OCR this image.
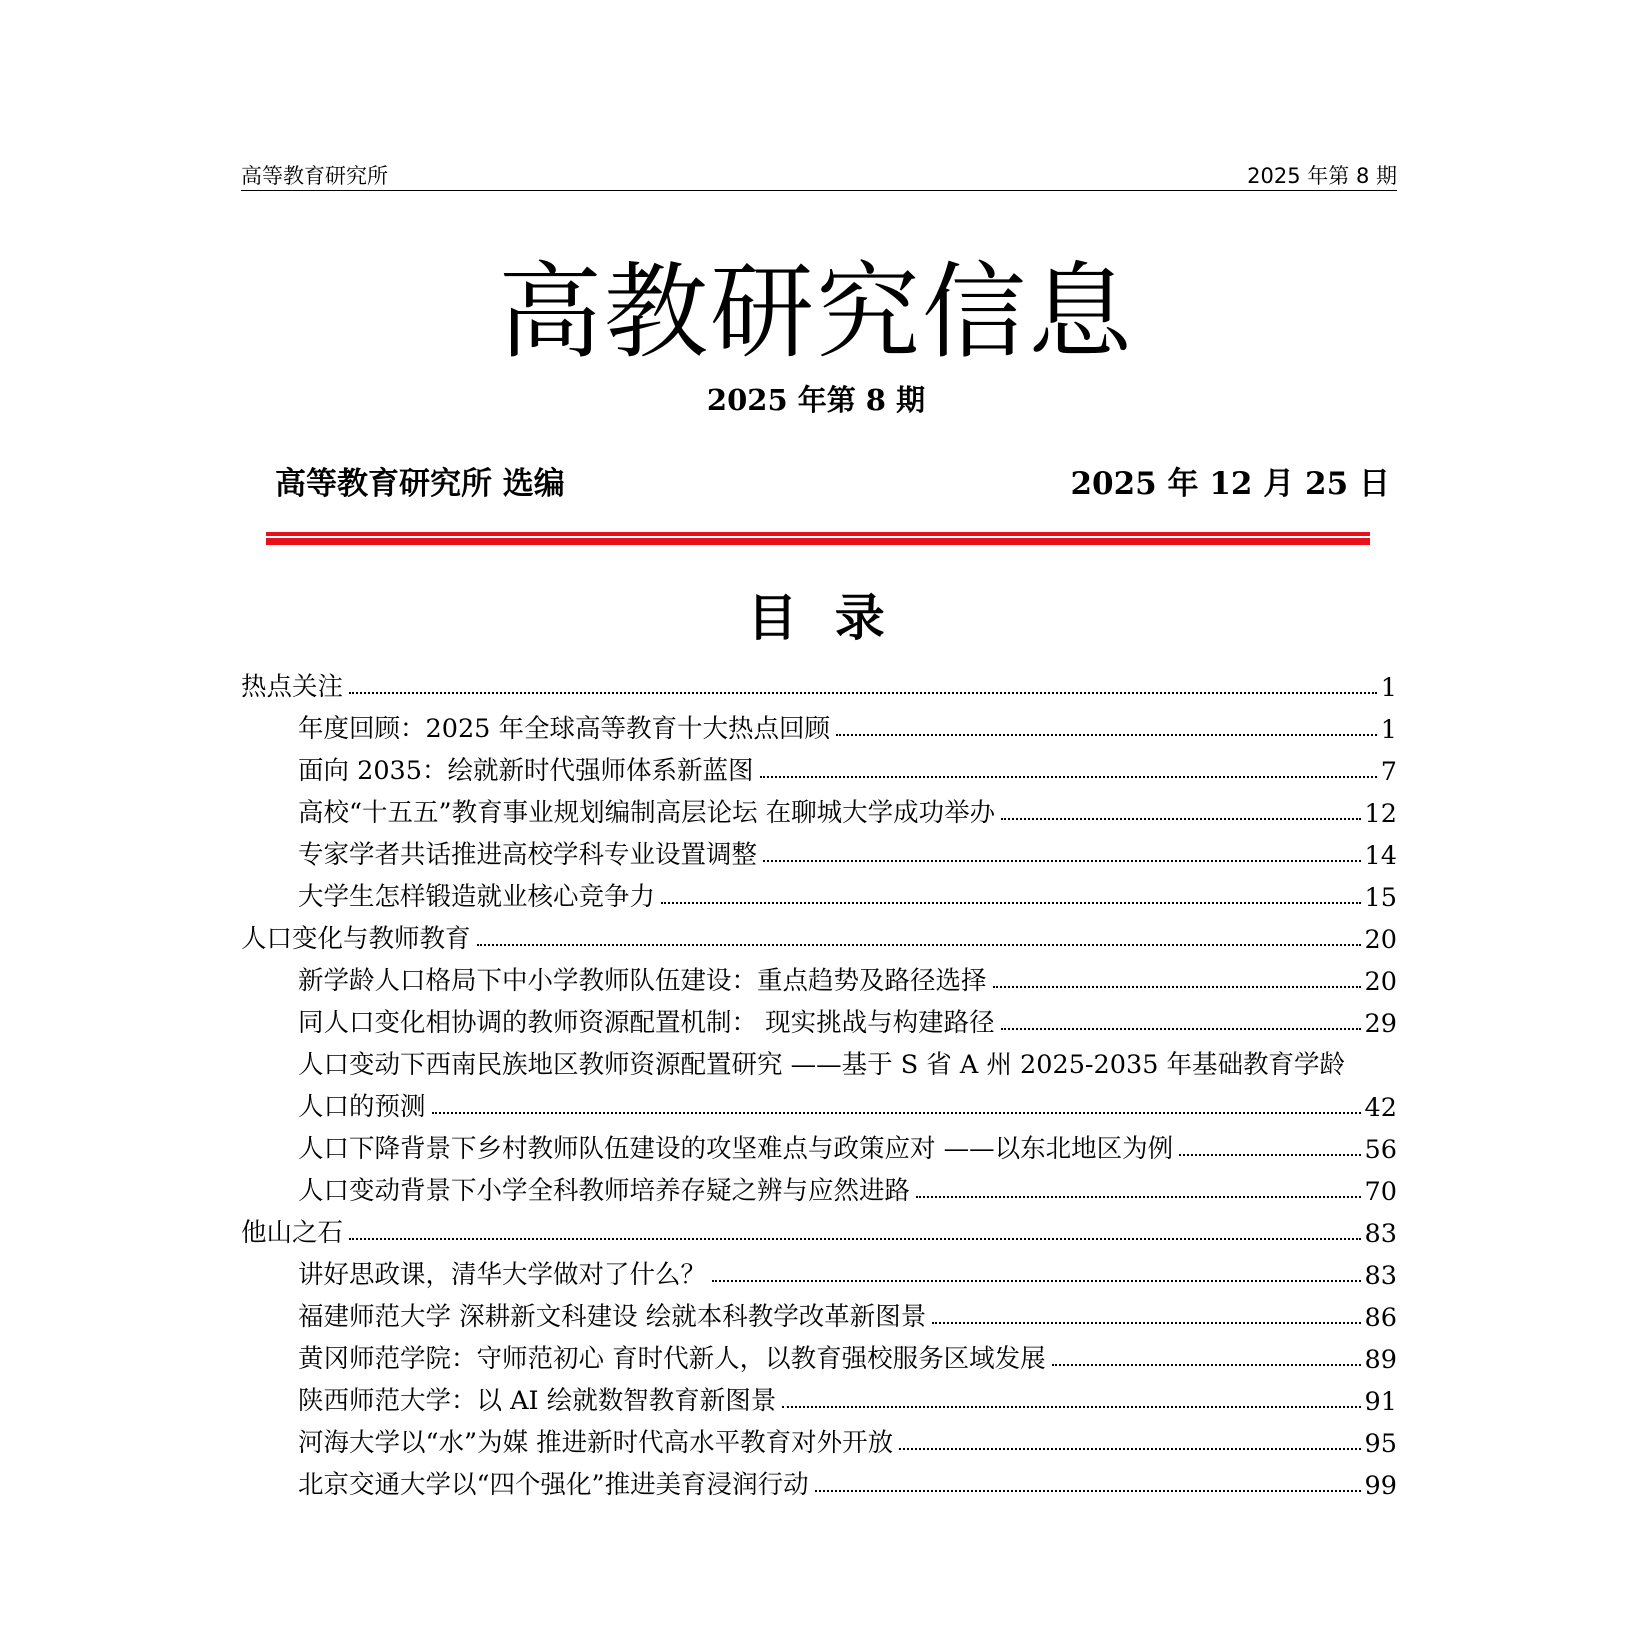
高等教育研究所	2025 年第 8 期
高教研究信息
2025 年第 8 期
高等教育研究所 选编	2025 年 12 月 25 日
目 录
热点关注	1
年度回顾：2025 年全球高等教育十大热点回顾	1
面向 2035：绘就新时代强师体系新蓝图	7
高校“十五五”教育事业规划编制高层论坛 在聊城大学成功举办	12
专家学者共话推进高校学科专业设置调整	14
大学生怎样锻造就业核心竞争力	15
人口变化与教师教育	20
新学龄人口格局下中小学教师队伍建设：重点趋势及路径选择	20
同人口变化相协调的教师资源配置机制： 现实挑战与构建路径	29
人口变动下西南民族地区教师资源配置研究 ——基于 S 省 A 州 2025-2035 年基础教育学龄
人口的预测	42
人口下降背景下乡村教师队伍建设的攻坚难点与政策应对 ——以东北地区为例	56
人口变动背景下小学全科教师培养存疑之辨与应然进路	70
他山之石	83
讲好思政课，清华大学做对了什么？	83
福建师范大学 深耕新文科建设 绘就本科教学改革新图景	86
黄冈师范学院：守师范初心 育时代新人，以教育强校服务区域发展	89
陕西师范大学：以 AI 绘就数智教育新图景	91
河海大学以“水”为媒 推进新时代高水平教育对外开放	95
北京交通大学以“四个强化”推进美育浸润行动	99
